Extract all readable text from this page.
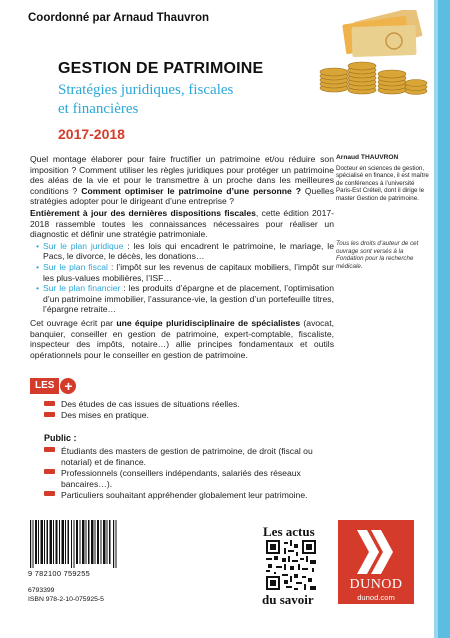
Coordonné par Arnaud Thauvron
GESTION DE PATRIMOINE
Stratégies juridiques, fiscales
et financières
2017-2018

Quel montage élaborer pour faire fructifier un patrimoine et/ou réduire son imposition ? Comment utiliser les règles juridiques pour protéger un patrimoine des aléas de la vie et pour le transmettre à un proche dans les meilleures conditions ? Comment optimiser le patrimoine d’une personne ? Quelles stratégies adopter pour le dirigeant d’une entreprise ?

Entièrement à jour des dernières dispositions fiscales, cette édition 2017-2018 rassemble toutes les connaissances nécessaires pour réaliser un diagnostic et définir une stratégie patrimoniale.

• Sur le plan juridique : les lois qui encadrent le patrimoine, le mariage, le Pacs, le divorce, le décès, les donations…
• Sur le plan fiscal : l’impôt sur les revenus de capitaux mobiliers, l’impôt sur les plus-values mobilières, l’ISF…
• Sur le plan financier : les produits d’épargne et de placement, l’optimisation d’un patrimoine immobilier, l’assurance-vie, la gestion d’un portefeuille titres, l’épargne retraite…

Cet ouvrage écrit par une équipe pluridisciplinaire de spécialistes (avocat, banquier, conseiller en gestion de patrimoine, expert-comptable, fiscaliste, inspecteur des impôts, notaire…) allie principes fondamentaux et outils opérationnels pour le conseiller en gestion de patrimoine.

Arnaud THAUVRON
Docteur en sciences de gestion, spécialisé en finance, il est maître de conférences à l’université Paris-Est Créteil, dont il dirige le master Gestion de patrimoine.
Tous les droits d’auteur de cet ouvrage sont versés à la Fondation pour la recherche médicale.
LES +
Des études de cas issues de situations réelles.
Des mises en pratique.
Public :
Étudiants des masters de gestion de patrimoine, de droit (fiscal ou notarial) et de finance.
Professionnels (conseillers indépendants, salariés des réseaux bancaires…).
Particuliers souhaitant appréhender globalement leur patrimoine.
9 782100 759255
6793399
ISBN 978-2-10-075925-5
Les actus
du savoir
DUNOD
dunod.com
